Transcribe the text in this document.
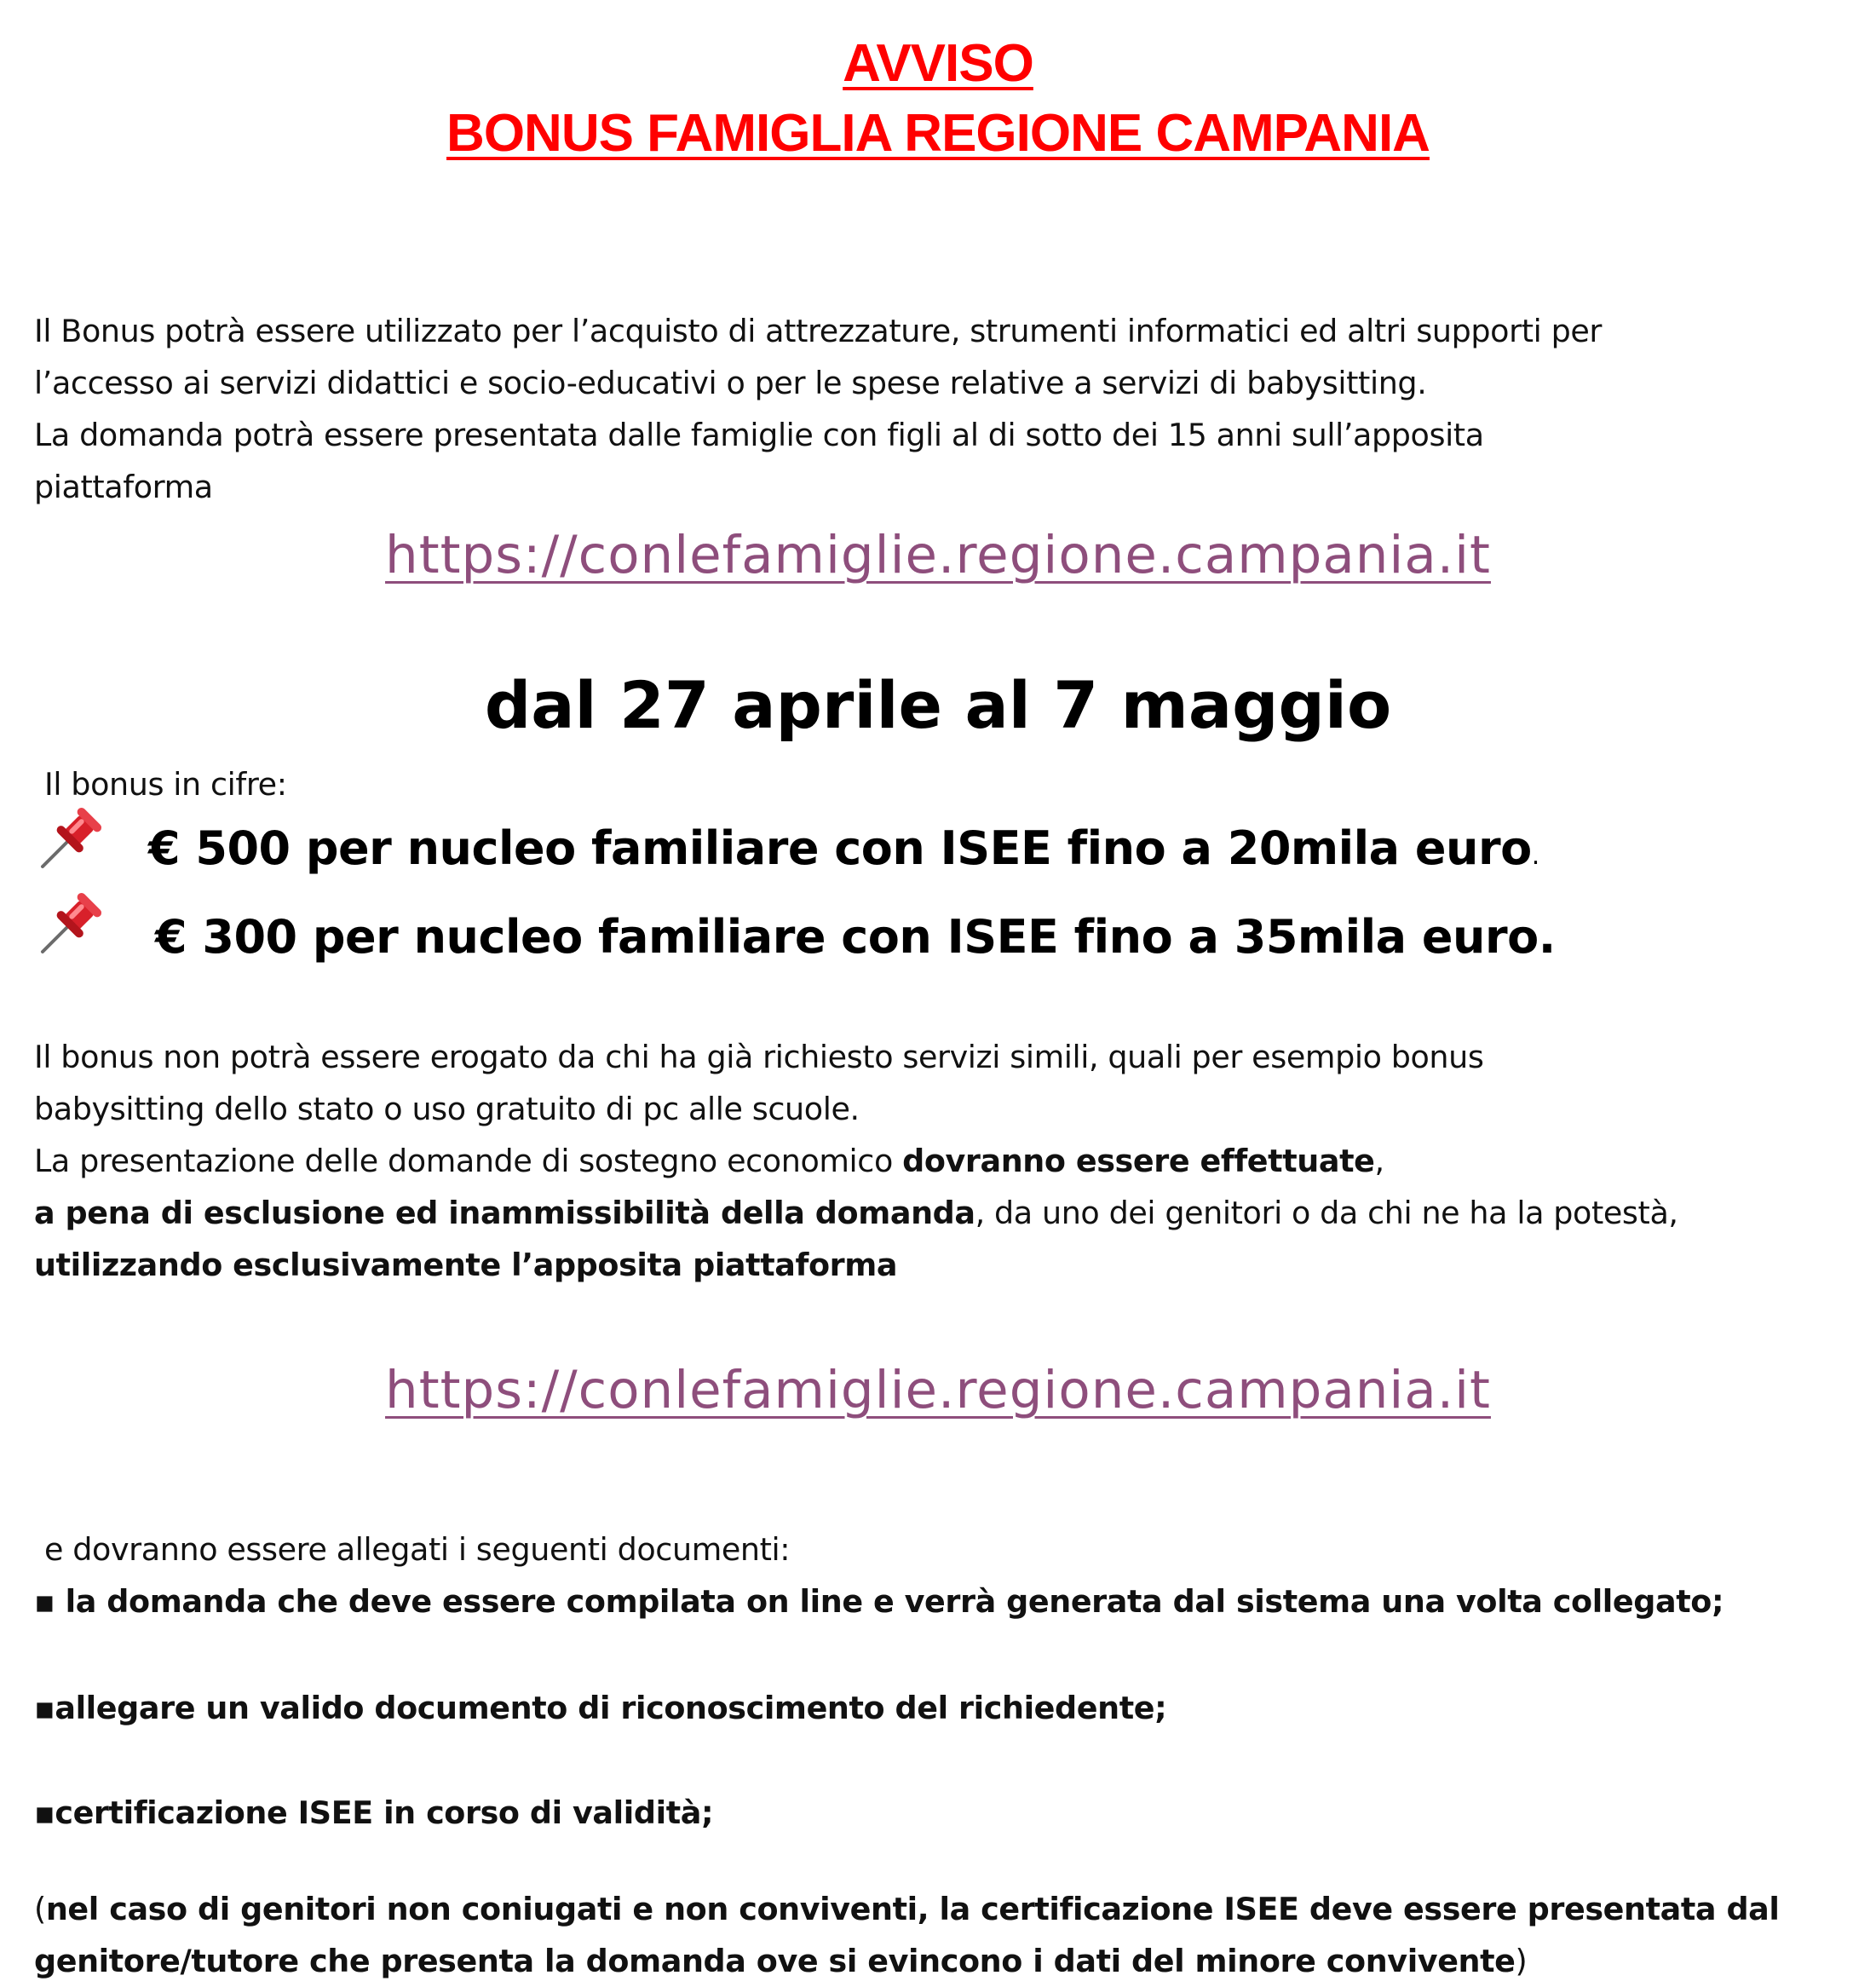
AVVISO
BONUS FAMIGLIA REGIONE CAMPANIA
Il Bonus potrà essere utilizzato per l’acquisto di attrezzature, strumenti informatici ed altri supporti per
l’accesso ai servizi didattici e socio-educativi o per le spese relative a servizi di babysitting.
La domanda potrà essere presentata dalle famiglie con figli al di sotto dei 15 anni sull’apposita
piattaforma
https://conlefamiglie.regione.campania.it
dal 27 aprile al 7 maggio
Il bonus in cifre:
€ 500 per nucleo familiare con ISEE fino a 20mila euro.
€ 300 per nucleo familiare con ISEE fino a 35mila euro.
Il bonus non potrà essere erogato da chi ha già richiesto servizi simili, quali per esempio bonus
babysitting dello stato o uso gratuito di pc alle scuole.
La presentazione delle domande di sostegno economico dovranno essere effettuate,
a pena di esclusione ed inammissibilità della domanda, da uno dei genitori o da chi ne ha la potestà,
utilizzando esclusivamente l’apposita piattaforma
https://conlefamiglie.regione.campania.it
e dovranno essere allegati i seguenti documenti:
▪ la domanda che deve essere compilata on line e verrà generata dal sistema una volta collegato;
▪allegare un valido documento di riconoscimento del richiedente;
▪certificazione ISEE in corso di validità;
(nel caso di genitori non coniugati e non conviventi, la certificazione ISEE deve essere presentata dal
genitore/tutore che presenta la domanda ove si evincono i dati del minore convivente)
